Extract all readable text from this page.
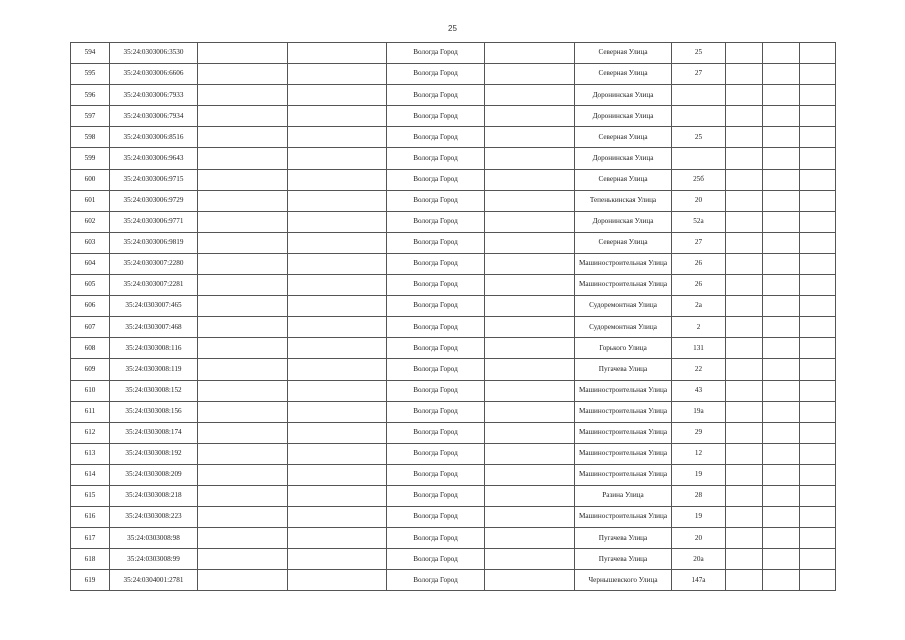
25
594	35:24:0303006:3530			Вологда Город		Северная Улица	25			
595	35:24:0303006:6606			Вологда Город		Северная Улица	27			
596	35:24:0303006:7933			Вологда Город		Доронинская Улица				
597	35:24:0303006:7934			Вологда Город		Доронинская Улица				
598	35:24:0303006:8516			Вологда Город		Северная Улица	25			
599	35:24:0303006:9643			Вологда Город		Доронинская Улица				
600	35:24:0303006:9715			Вологда Город		Северная Улица	25б			
601	35:24:0303006:9729			Вологда Город		Тепенькинская Улица	20			
602	35:24:0303006:9771			Вологда Город		Доронинская Улица	52а			
603	35:24:0303006:9819			Вологда Город		Северная Улица	27			
604	35:24:0303007:2280			Вологда Город		Машиностроительная Улица	26			
605	35:24:0303007:2281			Вологда Город		Машиностроительная Улица	26			
606	35:24:0303007:465			Вологда Город		Судоремонтная Улица	2а			
607	35:24:0303007:468			Вологда Город		Судоремонтная Улица	2			
608	35:24:0303008:116			Вологда Город		Горького Улица	131			
609	35:24:0303008:119			Вологда Город		Пугачева Улица	22			
610	35:24:0303008:152			Вологда Город		Машиностроительная Улица	43			
611	35:24:0303008:156			Вологда Город		Машиностроительная Улица	19а			
612	35:24:0303008:174			Вологда Город		Машиностроительная Улица	29			
613	35:24:0303008:192			Вологда Город		Машиностроительная Улица	12			
614	35:24:0303008:209			Вологда Город		Машиностроительная Улица	19			
615	35:24:0303008:218			Вологда Город		Разина Улица	28			
616	35:24:0303008:223			Вологда Город		Машиностроительная Улица	19			
617	35:24:0303008:98			Вологда Город		Пугачева Улица	20			
618	35:24:0303008:99			Вологда Город		Пугачева Улица	20а			
619	35:24:0304001:2781			Вологда Город		Чернышевского Улица	147а			
